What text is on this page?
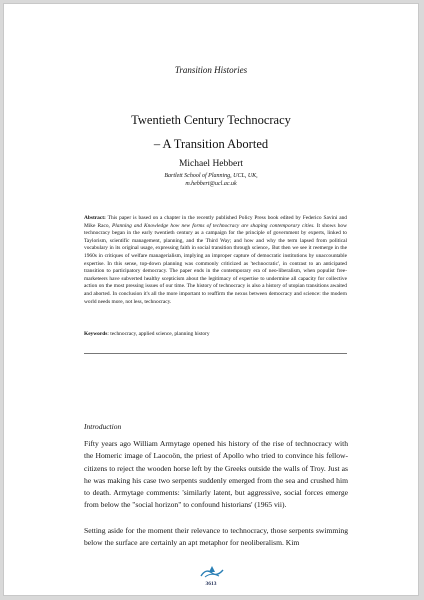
Transition Histories
Twentieth Century Technocracy
– A Transition Aborted
Michael Hebbert
Bartlett School of Planning, UCL, UK,
m.hebbert@ucl.ac.uk
Abstract: This paper is based on a chapter in the recently published Policy Press book edited by Federico Savini and Mike Raco, Planning and Knowledge how new forms of technocracy are shaping contemporary cities. It shows how technocracy began in the early twentieth century as a campaign for the principle of government by experts, linked to Taylorism, scientific management, planning, and the Third Way; and how and why the term lapsed from political vocabulary in its original usage, expressing faith in social transition through science,. But then we see it reemerge in the 1960s in critiques of welfare managerialism, implying an improper capture of democratic institutions by unaccountable expertise. In this sense, top-down planning was commonly criticized as 'technocratic', in contrast to an anticipated transition to participatory democracy. The paper ends in the contemporary era of neo-liberalism, when populist free-marketeers have subverted healthy scepticism about the legitimacy of expertise to undermine all capacity for collective action on the most pressing issues of our time. The history of technocracy is also a history of utopian transitions awaited and aborted. In conclusion it's all the more important to reaffirm the nexus between democracy and science: the modern world needs more, not less, technocracy.
Keywords: technocracy, applied science, planning history
Introduction
Fifty years ago William Armytage opened his history of the rise of technocracy with the Homeric image of Laocoön, the priest of Apollo who tried to convince his fellow-citizens to reject the wooden horse left by the Greeks outside the walls of Troy. Just as he was making his case two serpents suddenly emerged from the sea and crushed him to death. Armytage comments: 'similarly latent, but aggressive, social forces emerge from below the "social horizon" to confound historians' (1965 vii).
Setting aside for the moment their relevance to technocracy, those serpents swimming below the surface are certainly an apt metaphor for neoliberalism. Kim
3613
